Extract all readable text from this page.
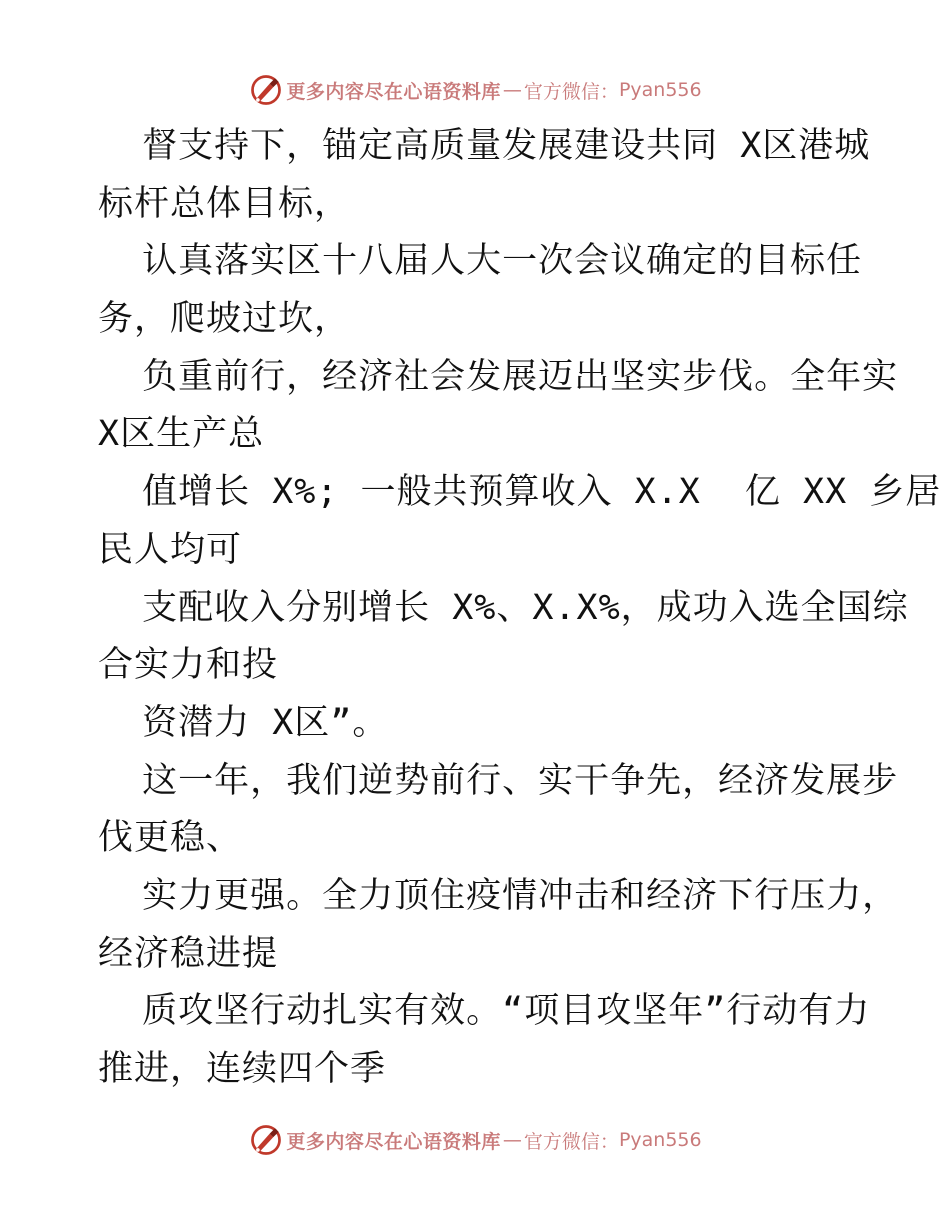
更多内容尽在心语资料库 — 官方微信： Pyan556
督支持下，锚定高质量发展建设共同 X区港城
标杆总体目标，
认真落实区十八届人大一次会议确定的目标任
务，爬坡过坎，
负重前行，经济社会发展迈出坚实步伐。全年实
X区生产总
值增长 X%; 一般共预算收入 X.X  亿 XX 乡居
民人均可
支配收入分别增长 X%、X.X%，成功入选全国综
合实力和投
资潜力 X区”。
这一年，我们逆势前行、实干争先，经济发展步
伐更稳、
实力更强。全力顶住疫情冲击和经济下行压力，
经济稳进提
质攻坚行动扎实有效。“项目攻坚年”行动有力
推进，连续四个季
更多内容尽在心语资料库 — 官方微信： Pyan556
